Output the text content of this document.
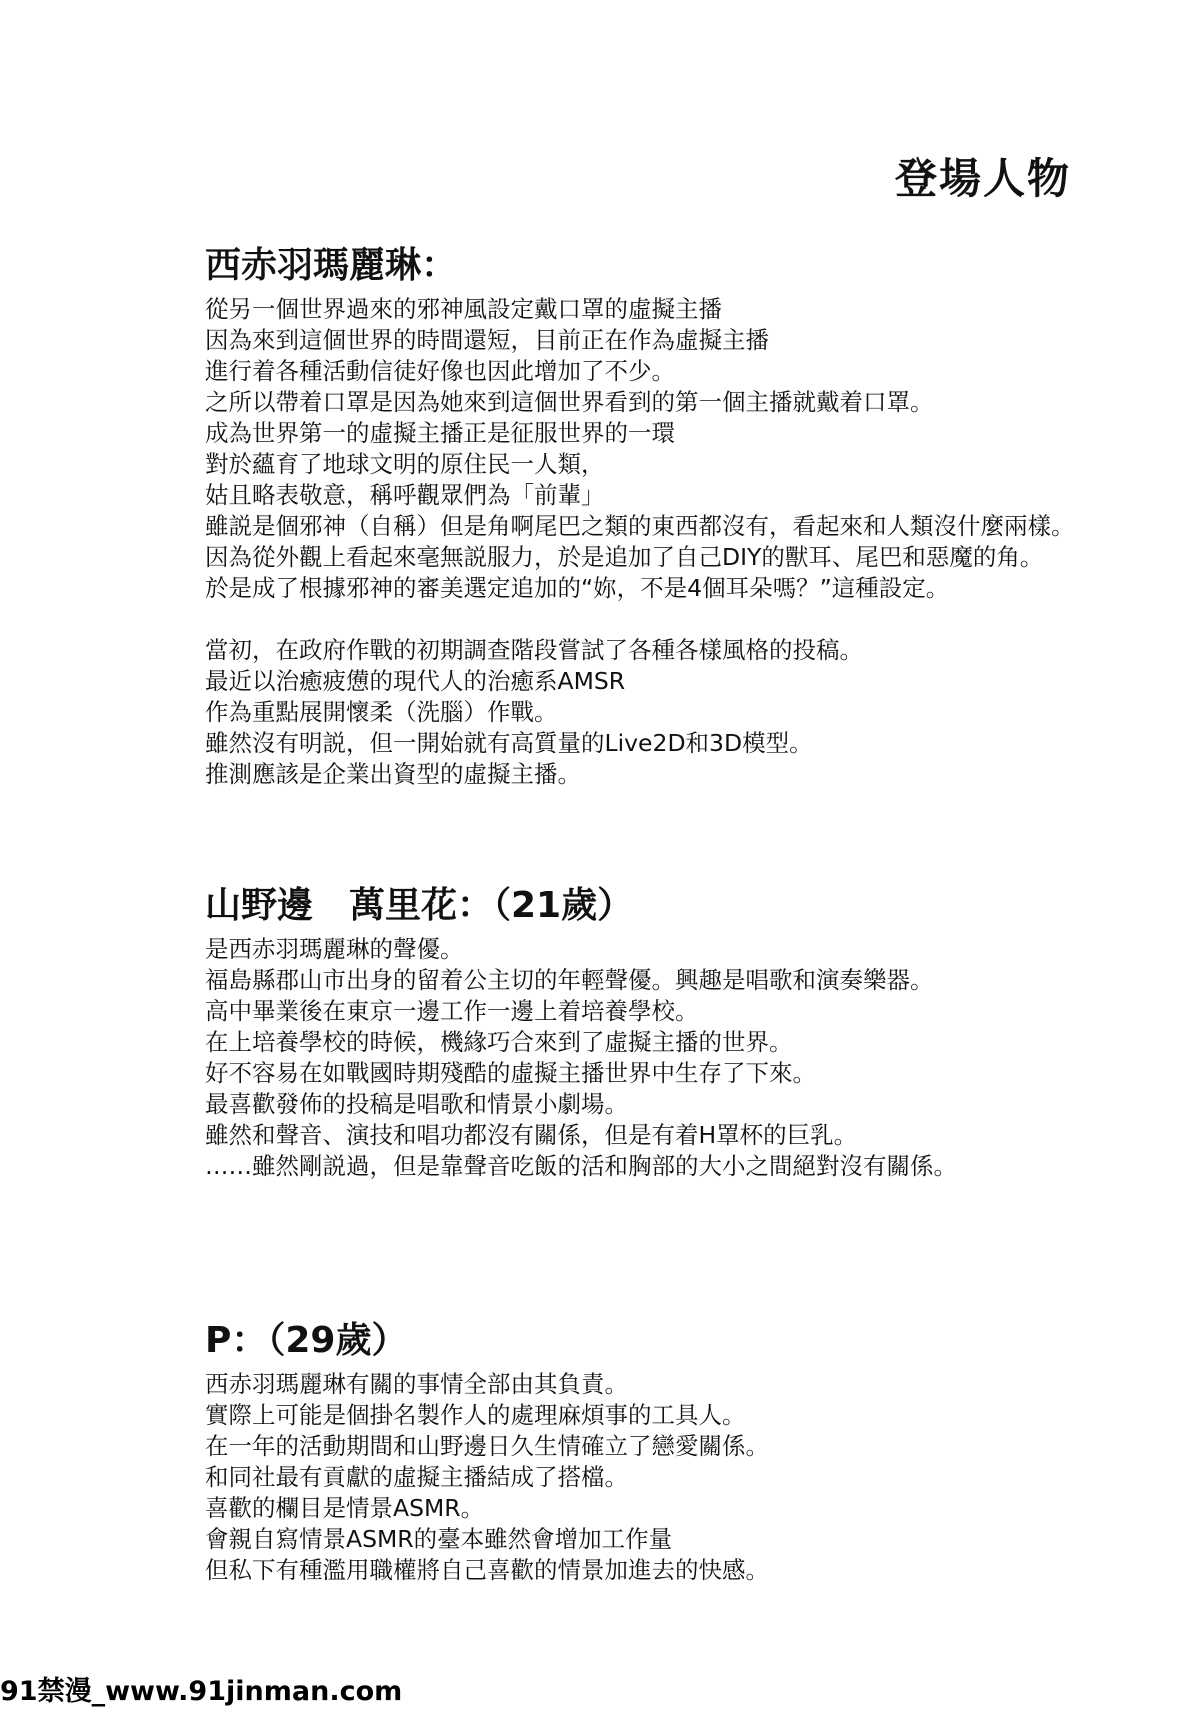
登場人物
西赤羽瑪麗琳：
從另一個世界過來的邪神風設定戴口罩的虛擬主播
因為來到這個世界的時間還短，目前正在作為虛擬主播
進行着各種活動信徒好像也因此增加了不少。
之所以帶着口罩是因為她來到這個世界看到的第一個主播就戴着口罩。
成為世界第一的虛擬主播正是征服世界的一環
對於蘊育了地球文明的原住民一人類，
姑且略表敬意，稱呼觀眾們為「前輩」
雖説是個邪神（自稱）但是角啊尾巴之類的東西都沒有，看起來和人類沒什麼兩樣。
因為從外觀上看起來毫無説服力，於是追加了自己DIY的獸耳、尾巴和惡魔的角。
於是成了根據邪神的審美選定追加的“妳，不是4個耳朵嗎？”這種設定。
當初，在政府作戰的初期調查階段嘗試了各種各樣風格的投稿。
最近以治癒疲憊的現代人的治癒系AMSR
作為重點展開懷柔（洗腦）作戰。
雖然沒有明説，但一開始就有高質量的Live2D和3D模型。
推測應該是企業出資型的虛擬主播。
山野邊　萬里花：（21歲）
是西赤羽瑪麗琳的聲優。
福島縣郡山市出身的留着公主切的年輕聲優。興趣是唱歌和演奏樂器。
高中畢業後在東京一邊工作一邊上着培養學校。
在上培養學校的時候，機緣巧合來到了虛擬主播的世界。
好不容易在如戰國時期殘酷的虛擬主播世界中生存了下來。
最喜歡發佈的投稿是唱歌和情景小劇場。
雖然和聲音、演技和唱功都沒有關係，但是有着H罩杯的巨乳。
……雖然剛説過，但是靠聲音吃飯的活和胸部的大小之間絕對沒有關係。
P：（29歲）
西赤羽瑪麗琳有關的事情全部由其負責。
實際上可能是個掛名製作人的處理麻煩事的工具人。
在一年的活動期間和山野邊日久生情確立了戀愛關係。
和同社最有貢獻的虛擬主播結成了搭檔。
喜歡的欄目是情景ASMR。
會親自寫情景ASMR的臺本雖然會增加工作量
但私下有種濫用職權將自己喜歡的情景加進去的快感。
91禁漫_www.91jinman.com
